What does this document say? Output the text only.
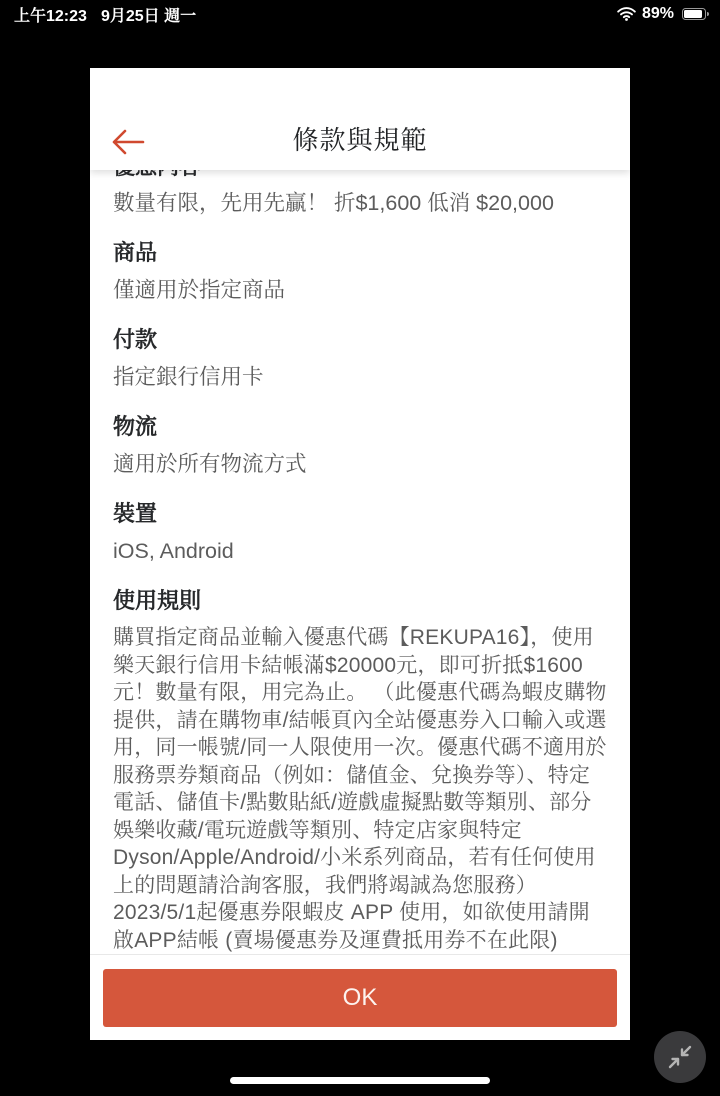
上午12:23 9月25日 週一	89%
條款與規範
數量有限，先用先贏！ 折$1,600 低消 $20,000
商品
僅適用於指定商品
付款
指定銀行信用卡
物流
適用於所有物流方式
裝置
iOS, Android
使用規則

購買指定商品並輸入優惠代碼【REKUPA16】，使用樂天銀行信用卡結帳滿$20000元，即可折抵$1600元！數量有限，用完為止。 （此優惠代碼為蝦皮購物提供，請在購物車/結帳頁內全站優惠券入口輸入或選用，同一帳號/同一人限使用一次。優惠代碼不適用於服務票券類商品（例如：儲值金、兌換券等）、特定電話、儲值卡/點數貼紙/遊戲虛擬點數等類別、部分娛樂收藏/電玩遊戲等類別、特定店家與特定Dyson/Apple/Android/小米系列商品，若有任何使用上的問題請洽詢客服，我們將竭誠為您服務）

2023/5/1起優惠券限蝦皮 APP 使用，如欲使用請開啟APP結帳 (賣場優惠券及運費抵用券不在此限)

OK
